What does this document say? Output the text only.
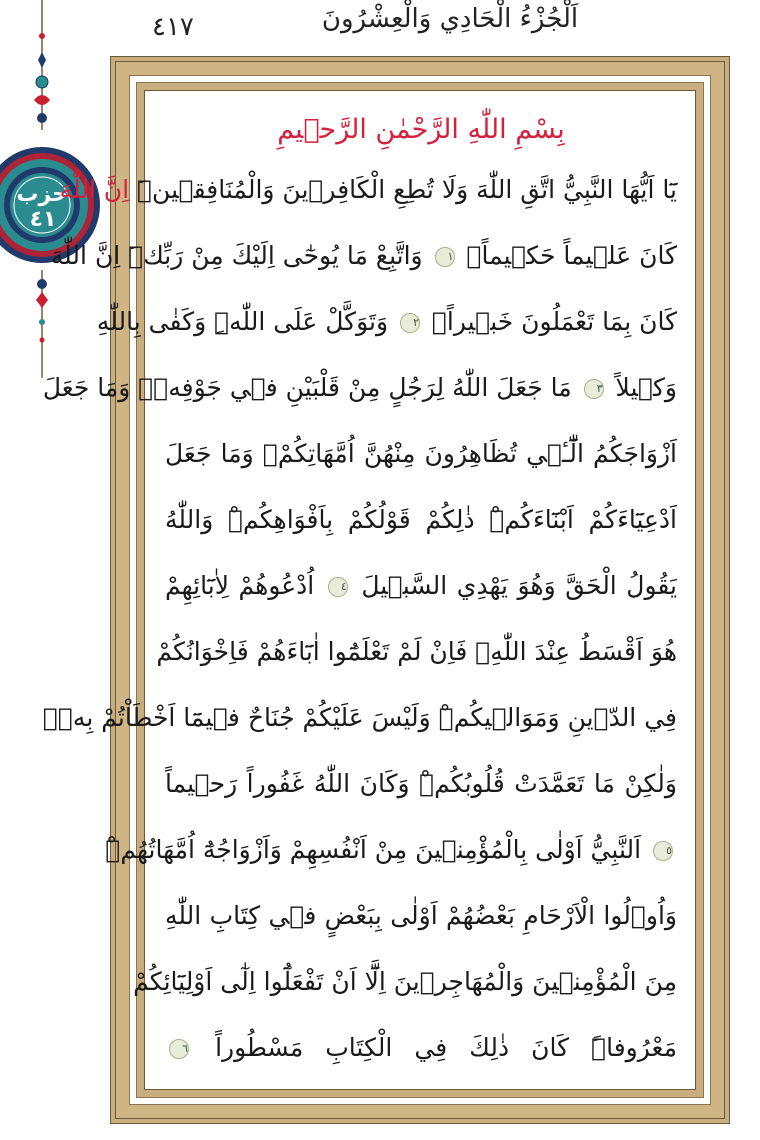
٤١٧	اَلْجُزْءُ الْحَادِي وَالْعِشْرُونَ
حزب ٤١
بِسْمِ اللّٰهِ الرَّحْمٰنِ الرَّح۪يمِ
يَٓا اَيُّهَا النَّبِيُّ اتَّقِ اللّٰهَ وَلَا تُطِعِ الْكَافِر۪ينَ وَالْمُنَافِق۪ينَۜ اِنَّ اللّٰهَ
كَانَ عَل۪يماً حَك۪يماًۙ ١ وَاتَّبِعْ مَا يُوحٰٓى اِلَيْكَ مِنْ رَبِّكَۜ اِنَّ اللّٰهَ
كَانَ بِمَا تَعْمَلُونَ خَب۪يراًۙ ٢ وَتَوَكَّلْ عَلَى اللّٰهِۜ وَكَفٰى بِاللّٰهِ
وَك۪يلاً ٣ مَا جَعَلَ اللّٰهُ لِرَجُلٍ مِنْ قَلْبَيْنِ ف۪ي جَوْفِه۪ۚ وَمَا جَعَلَ
اَزْوَاجَكُمُ الّٰٓـ۪ٔي تُظَاهِرُونَ مِنْهُنَّ اُمَّهَاتِكُمْۚ وَمَا جَعَلَ
اَدْعِيَٓاءَكُمْ اَبْنَٓاءَكُمْۜ ذٰلِكُمْ قَوْلُكُمْ بِاَفْوَاهِكُمْۜ وَاللّٰهُ
يَقُولُ الْحَقَّ وَهُوَ يَهْدِي السَّب۪يلَ ٤ اُدْعُوهُمْ لِاٰبَٓائِهِمْ
هُوَ اَقْسَطُ عِنْدَ اللّٰهِۚ فَاِنْ لَمْ تَعْلَمُٓوا اٰبَٓاءَهُمْ فَاِخْوَانُكُمْ
فِي الدّ۪ينِ وَمَوَال۪يكُمْۜ وَلَيْسَ عَلَيْكُمْ جُنَاحٌ ف۪يمَٓا اَخْطَاْتُمْ بِه۪ۙ
وَلٰكِنْ مَا تَعَمَّدَتْ قُلُوبُكُمْۜ وَكَانَ اللّٰهُ غَفُوراً رَح۪يماً
٥ اَلنَّبِيُّ اَوْلٰى بِالْمُؤْمِن۪ينَ مِنْ اَنْفُسِهِمْ وَاَزْوَاجُهُٓ اُمَّهَاتُهُمْۜ
وَاُو۬لُوا الْاَرْحَامِ بَعْضُهُمْ اَوْلٰى بِبَعْضٍ ف۪ي كِتَابِ اللّٰهِ
مِنَ الْمُؤْمِن۪ينَ وَالْمُهَاجِر۪ينَ اِلَّٓا اَنْ تَفْعَلُٓوا اِلٰٓى اَوْلِيَٓائِكُمْ
مَعْرُوفاًۜ كَانَ ذٰلِكَ فِي الْكِتَابِ مَسْطُوراً ٦
